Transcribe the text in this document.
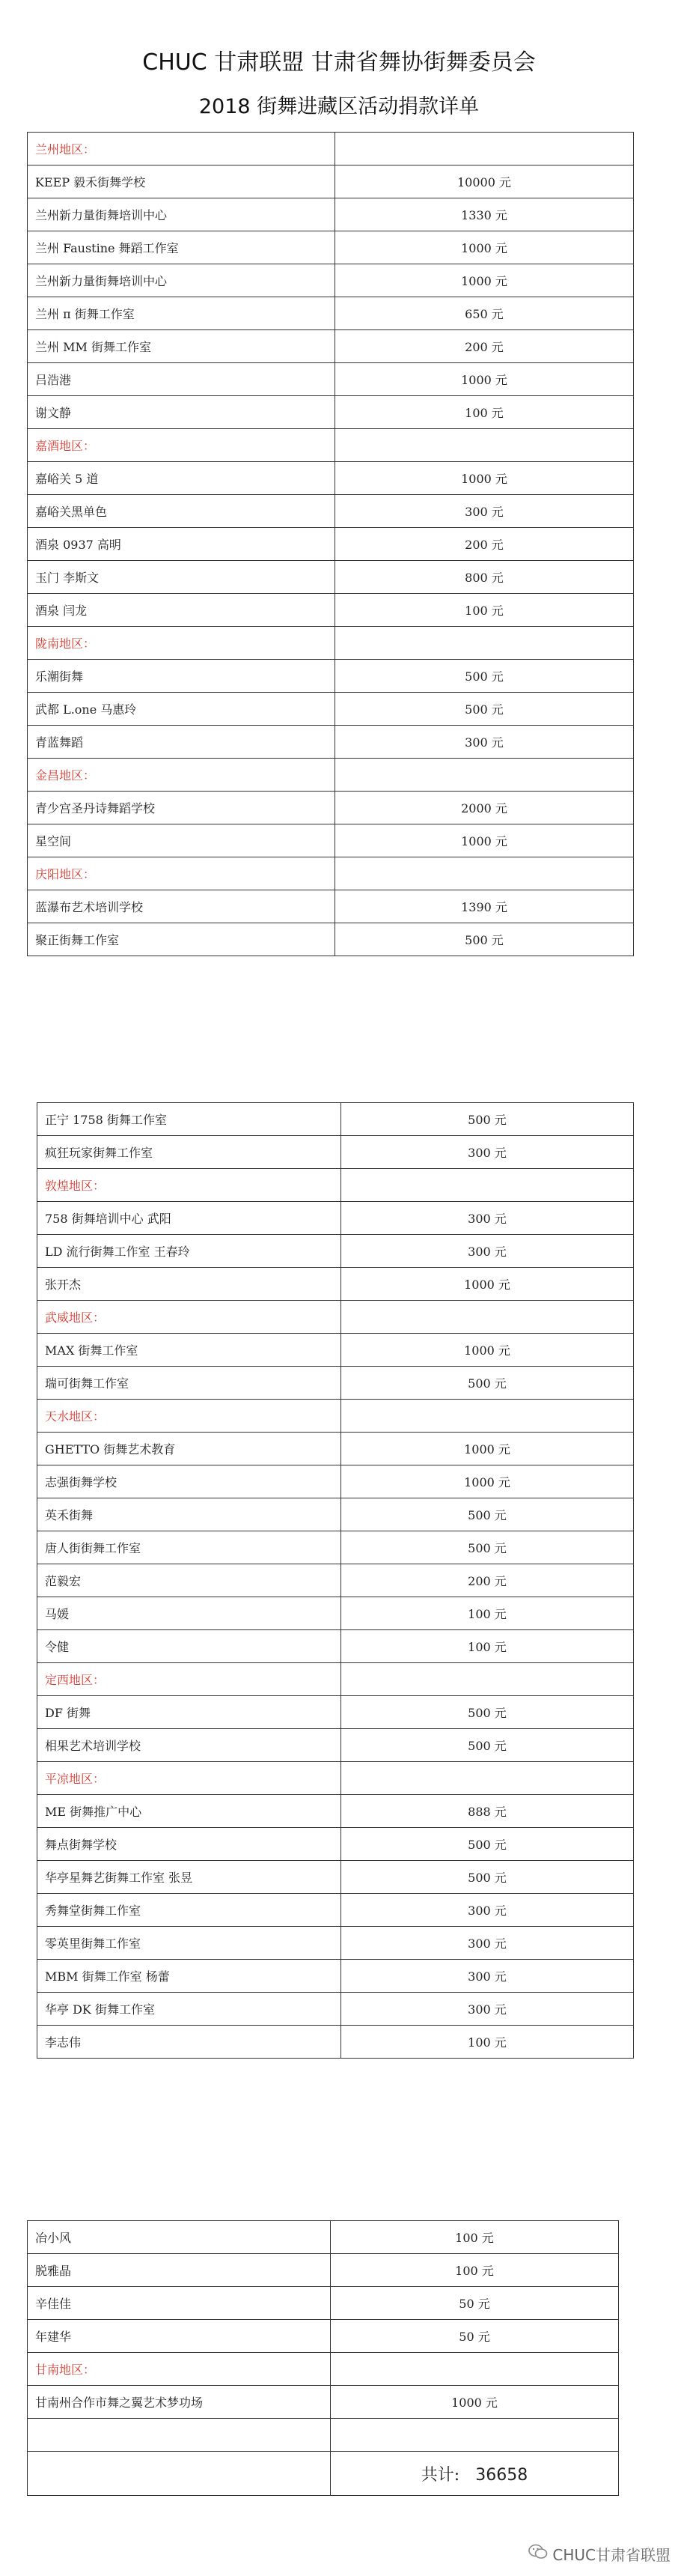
CHUC 甘肃联盟 甘肃省舞协街舞委员会
2018 街舞进藏区活动捐款详单
兰州地区：	
KEEP 毅禾街舞学校	10000 元
兰州新力量街舞培训中心	1330 元
兰州 Faustine 舞蹈工作室	1000 元
兰州新力量街舞培训中心	1000 元
兰州 π 街舞工作室	650 元
兰州 MM 街舞工作室	200 元
吕浩港	1000 元
谢文静	100 元
嘉酒地区：	
嘉峪关 5 道	1000 元
嘉峪关黑单色	300 元
酒泉 0937 高明	200 元
玉门 李斯文	800 元
酒泉 闫龙	100 元
陇南地区：	
乐潮街舞	500 元
武都 L.one 马惠玲	500 元
青蓝舞蹈	300 元
金昌地区：	
青少宫圣丹诗舞蹈学校	2000 元
星空间	1000 元
庆阳地区：	
蓝瀑布艺术培训学校	1390 元
聚正街舞工作室	500 元
正宁 1758 街舞工作室	500 元
疯狂玩家街舞工作室	300 元
敦煌地区：	
758 街舞培训中心 武阳	300 元
LD 流行街舞工作室 王春玲	300 元
张开杰	1000 元
武威地区：	
MAX 街舞工作室	1000 元
瑞可街舞工作室	500 元
天水地区：	
GHETTO 街舞艺术教育	1000 元
志强街舞学校	1000 元
英禾街舞	500 元
唐人街街舞工作室	500 元
范毅宏	200 元
马媛	100 元
令健	100 元
定西地区：	
DF 街舞	500 元
相果艺术培训学校	500 元
平凉地区：	
ME 街舞推广中心	888 元
舞点街舞学校	500 元
华亭星舞艺街舞工作室 张昱	500 元
秀舞堂街舞工作室	300 元
零英里街舞工作室	300 元
MBM 街舞工作室 杨蕾	300 元
华亭 DK 街舞工作室	300 元
李志伟	100 元
冶小风	100 元
脱雅晶	100 元
辛佳佳	50 元
年建华	50 元
甘南地区：	
甘南州合作市舞之翼艺术梦功场	1000 元

	共计: 36658
CHUC甘肃省联盟
